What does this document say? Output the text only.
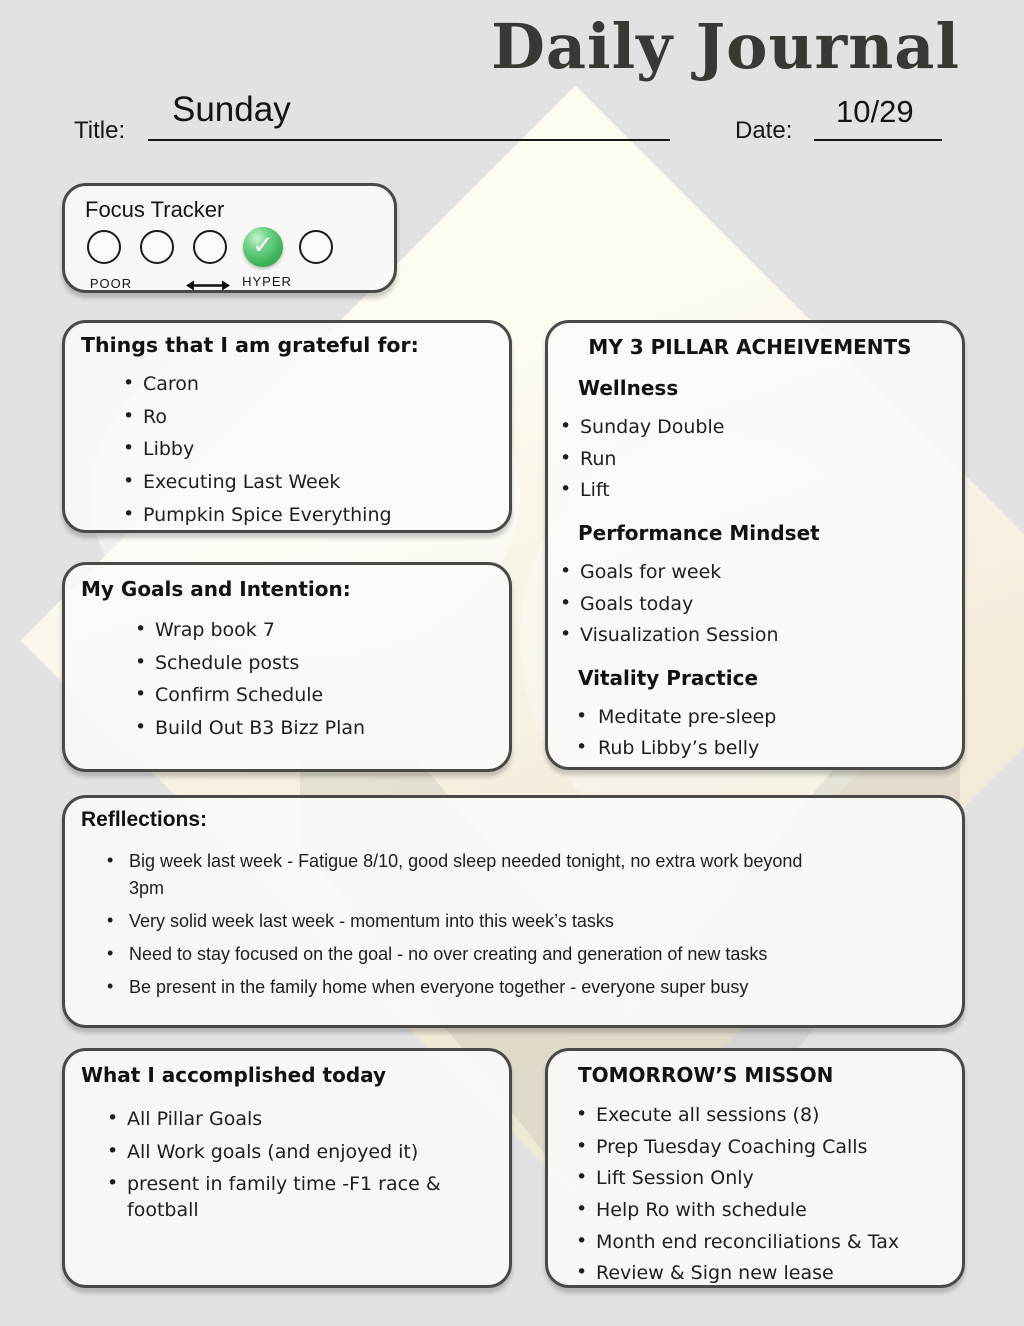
Daily Journal
Title:
Sunday
Date:
10/29
Focus Tracker
✓
POOR	HYPER
Things that I am grateful for:
• Caron
• Ro
• Libby
• Executing Last Week
• Pumpkin Spice Everything
MY 3 PILLAR ACHEIVEMENTS
Wellness
• Sunday Double
• Run
• Lift
Performance Mindset
• Goals for week
• Goals today
• Visualization Session
Vitality Practice
• Meditate pre-sleep
• Rub Libby’s belly
My Goals and Intention:
• Wrap book 7
• Schedule posts
• Confirm Schedule
• Build Out B3 Bizz Plan
Refllections:
• Big week last week - Fatigue 8/10, good sleep needed tonight, no extra work beyond 3pm
• Very solid week last week - momentum into this week’s tasks
• Need to stay focused on the goal - no over creating and generation of new tasks
• Be present in the family home when everyone together - everyone super busy
What I accomplished today
• All Pillar Goals
• All Work goals (and enjoyed it)
• present in family time -F1 race & football
TOMORROW’S MISSON
• Execute all sessions (8)
• Prep Tuesday Coaching Calls
• Lift Session Only
• Help Ro with schedule
• Month end reconciliations & Tax
• Review & Sign new lease
